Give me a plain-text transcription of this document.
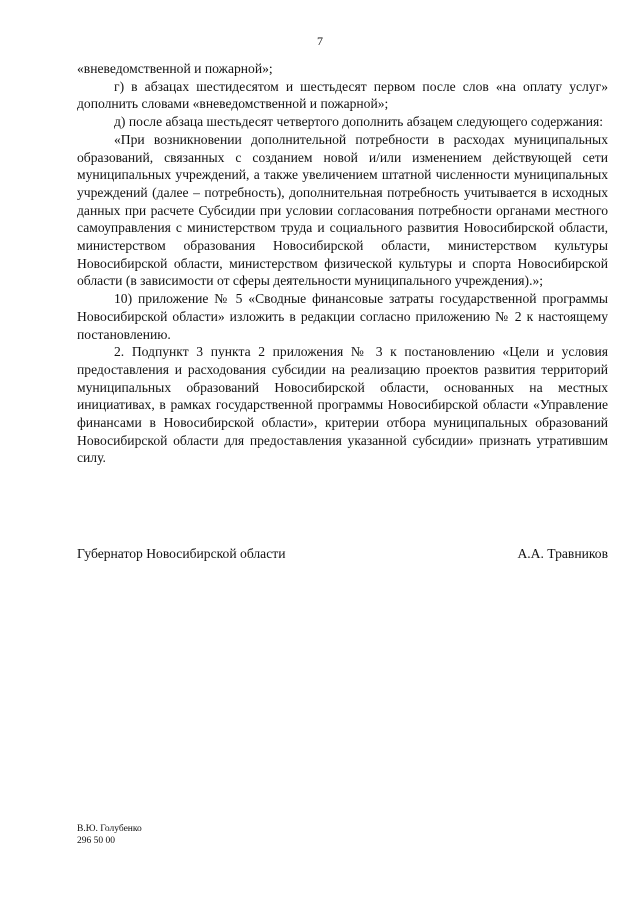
7

«вневедомственной и пожарной»;

г) в абзацах шестидесятом и шестьдесят первом после слов «на оплату услуг» дополнить словами «вневедомственной и пожарной»;

д) после абзаца шестьдесят четвертого дополнить абзацем следующего содержания:

«При возникновении дополнительной потребности в расходах муниципальных образований, связанных с созданием новой и/или изменением действующей сети муниципальных учреждений, а также увеличением штатной численности муниципальных учреждений (далее – потребность), дополнительная потребность учитывается в исходных данных при расчете Субсидии при условии согласования потребности органами местного самоуправления с министерством труда и социального развития Новосибирской области, министерством образования Новосибирской области, министерством культуры Новосибирской области, министерством физической культуры и спорта Новосибирской области (в зависимости от сферы деятельности муниципального учреждения).»;

10) приложение № 5 «Сводные финансовые затраты государственной программы Новосибирской области» изложить в редакции согласно приложению № 2 к настоящему постановлению.

2. Подпункт 3 пункта 2 приложения № 3 к постановлению «Цели и условия предоставления и расходования субсидии на реализацию проектов развития территорий муниципальных образований Новосибирской области, основанных на местных инициативах, в рамках государственной программы Новосибирской области «Управление финансами в Новосибирской области», критерии отбора муниципальных образований Новосибирской области для предоставления указанной субсидии» признать утратившим силу.

Губернатор Новосибирской области	А.А. Травников
В.Ю. Голубенко
296 50 00
